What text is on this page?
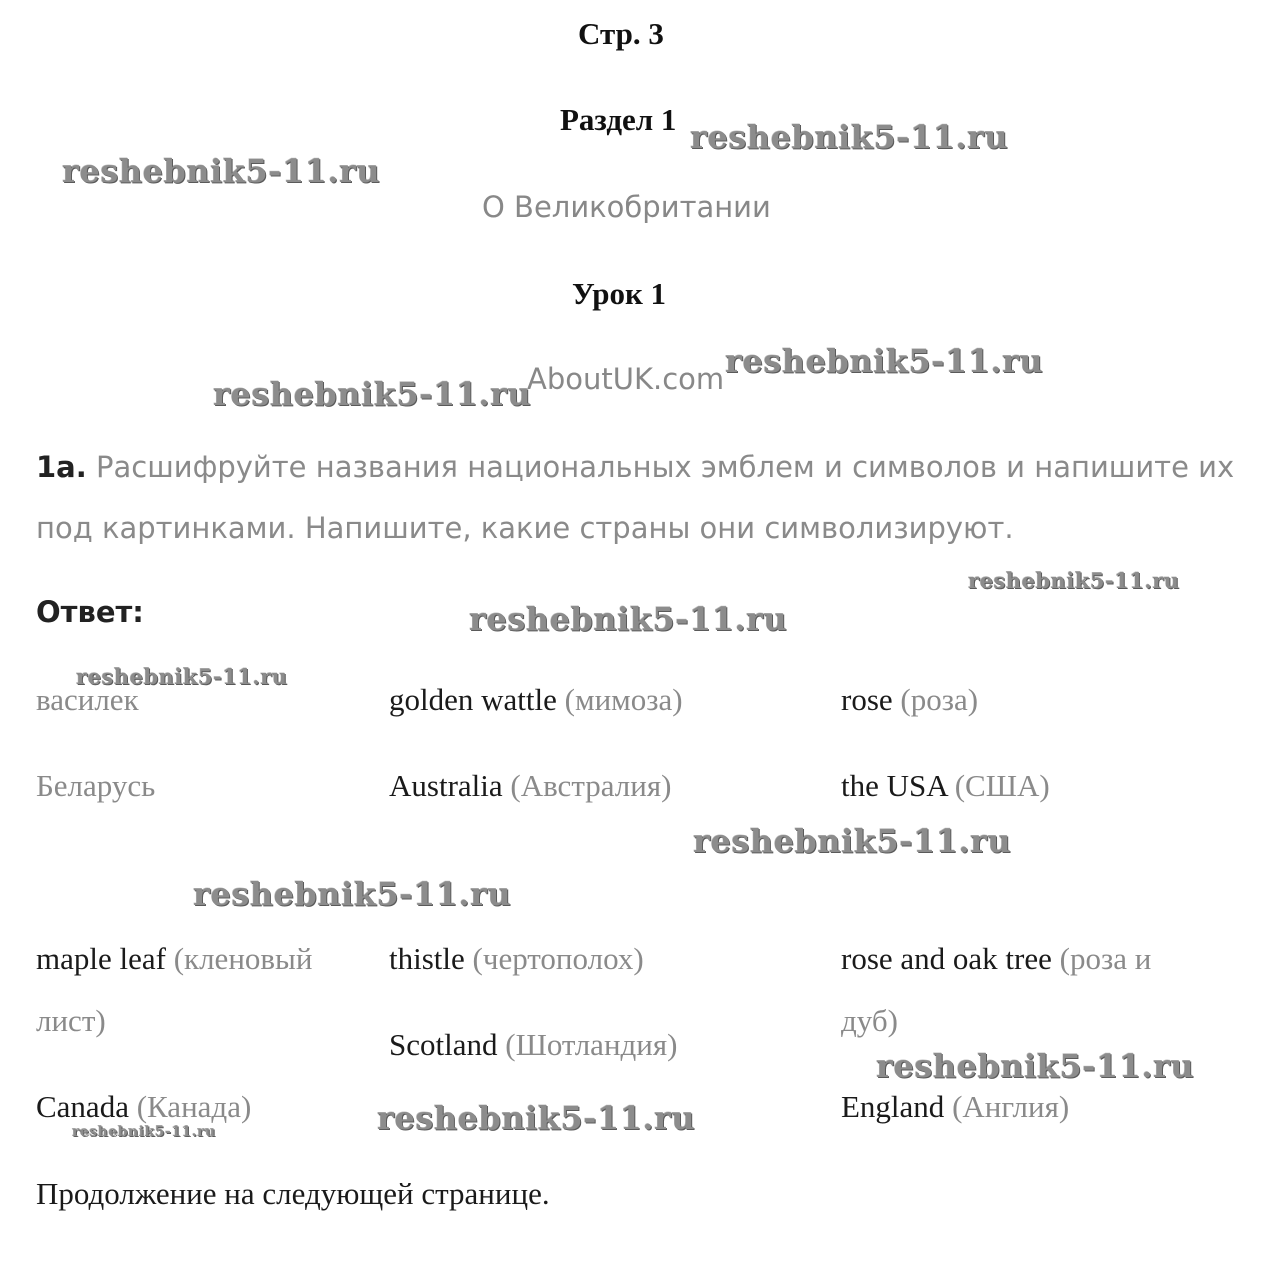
Стр. 3
Раздел 1
О Великобритании
Урок 1
AboutUK.com
1a. Расшифруйте названия национальных эмблем и символов и напишите их
под картинками. Напишите, какие страны они символизируют.
Ответ:
василек
Беларусь
golden wattle (мимоза)
Australia (Австралия)
rose (роза)
the USA (США)
maple leaf (кленовый
лист)
Canada (Канада)
thistle (чертополох)
Scotland (Шотландия)
rose and oak tree (роза и
дуб)
England (Англия)
Продолжение на следующей странице.
reshebnik5-11.ru
reshebnik5-11.ru
reshebnik5-11.ru
reshebnik5-11.ru
reshebnik5-11.ru
reshebnik5-11.ru
reshebnik5-11.ru
reshebnik5-11.ru
reshebnik5-11.ru
reshebnik5-11.ru
reshebnik5-11.ru
reshebnik5-11.ru
